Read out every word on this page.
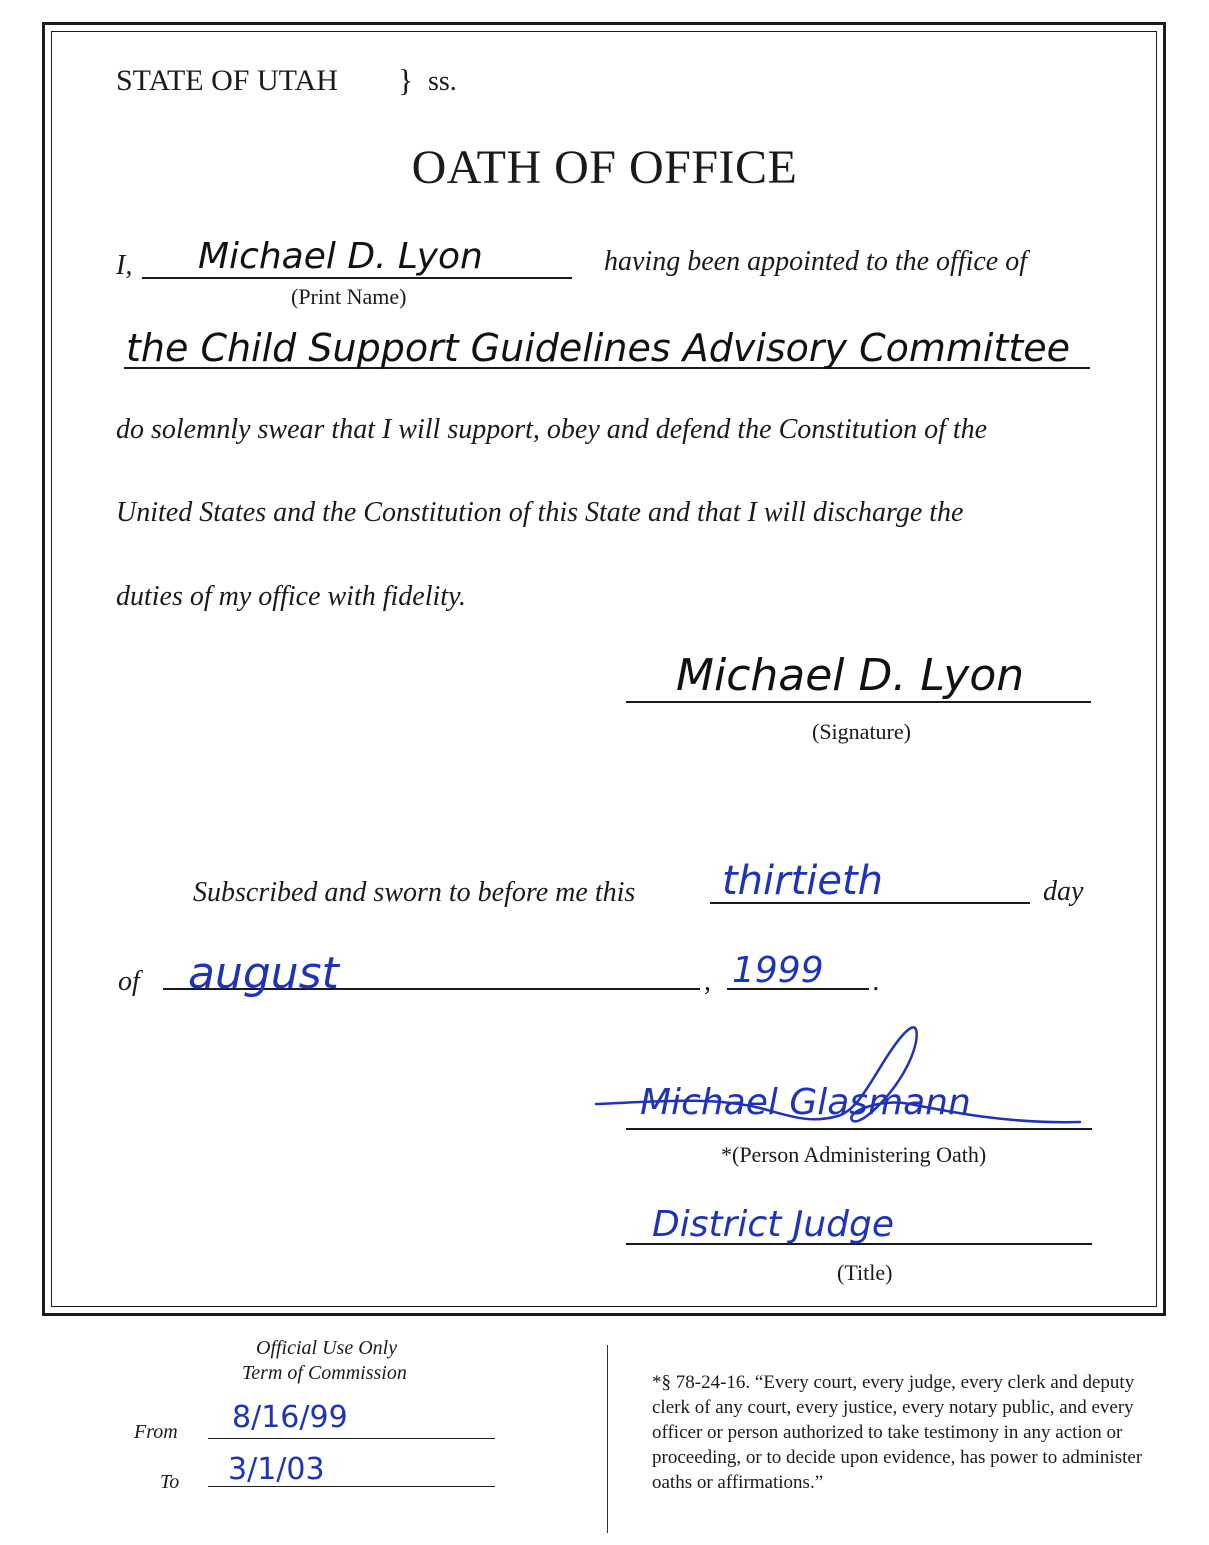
STATE OF UTAH } ss.
OATH OF OFFICE
I, Michael D. Lyon
(Print Name)
having been appointed to the office of
the Child Support Guidelines Advisory Committee
do solemnly swear that I will support, obey and defend the Constitution of the
United States and the Constitution of this State and that I will discharge the
duties of my office with fidelity.
Michael D. Lyon
(Signature)
Subscribed and sworn to before me this thirtieth	day
of august	, 1999 .
Michael Glasmann
*(Person Administering Oath)
District Judge
(Title)
Official Use Only
Term of Commission
From 8/16/99
To 3/1/03
*§ 78-24-16. “Every court, every judge, every clerk and deputy clerk of any court, every justice, every notary public, and every officer or person authorized to take testimony in any action or proceeding, or to decide upon evidence, has power to administer oaths or affirmations.”
